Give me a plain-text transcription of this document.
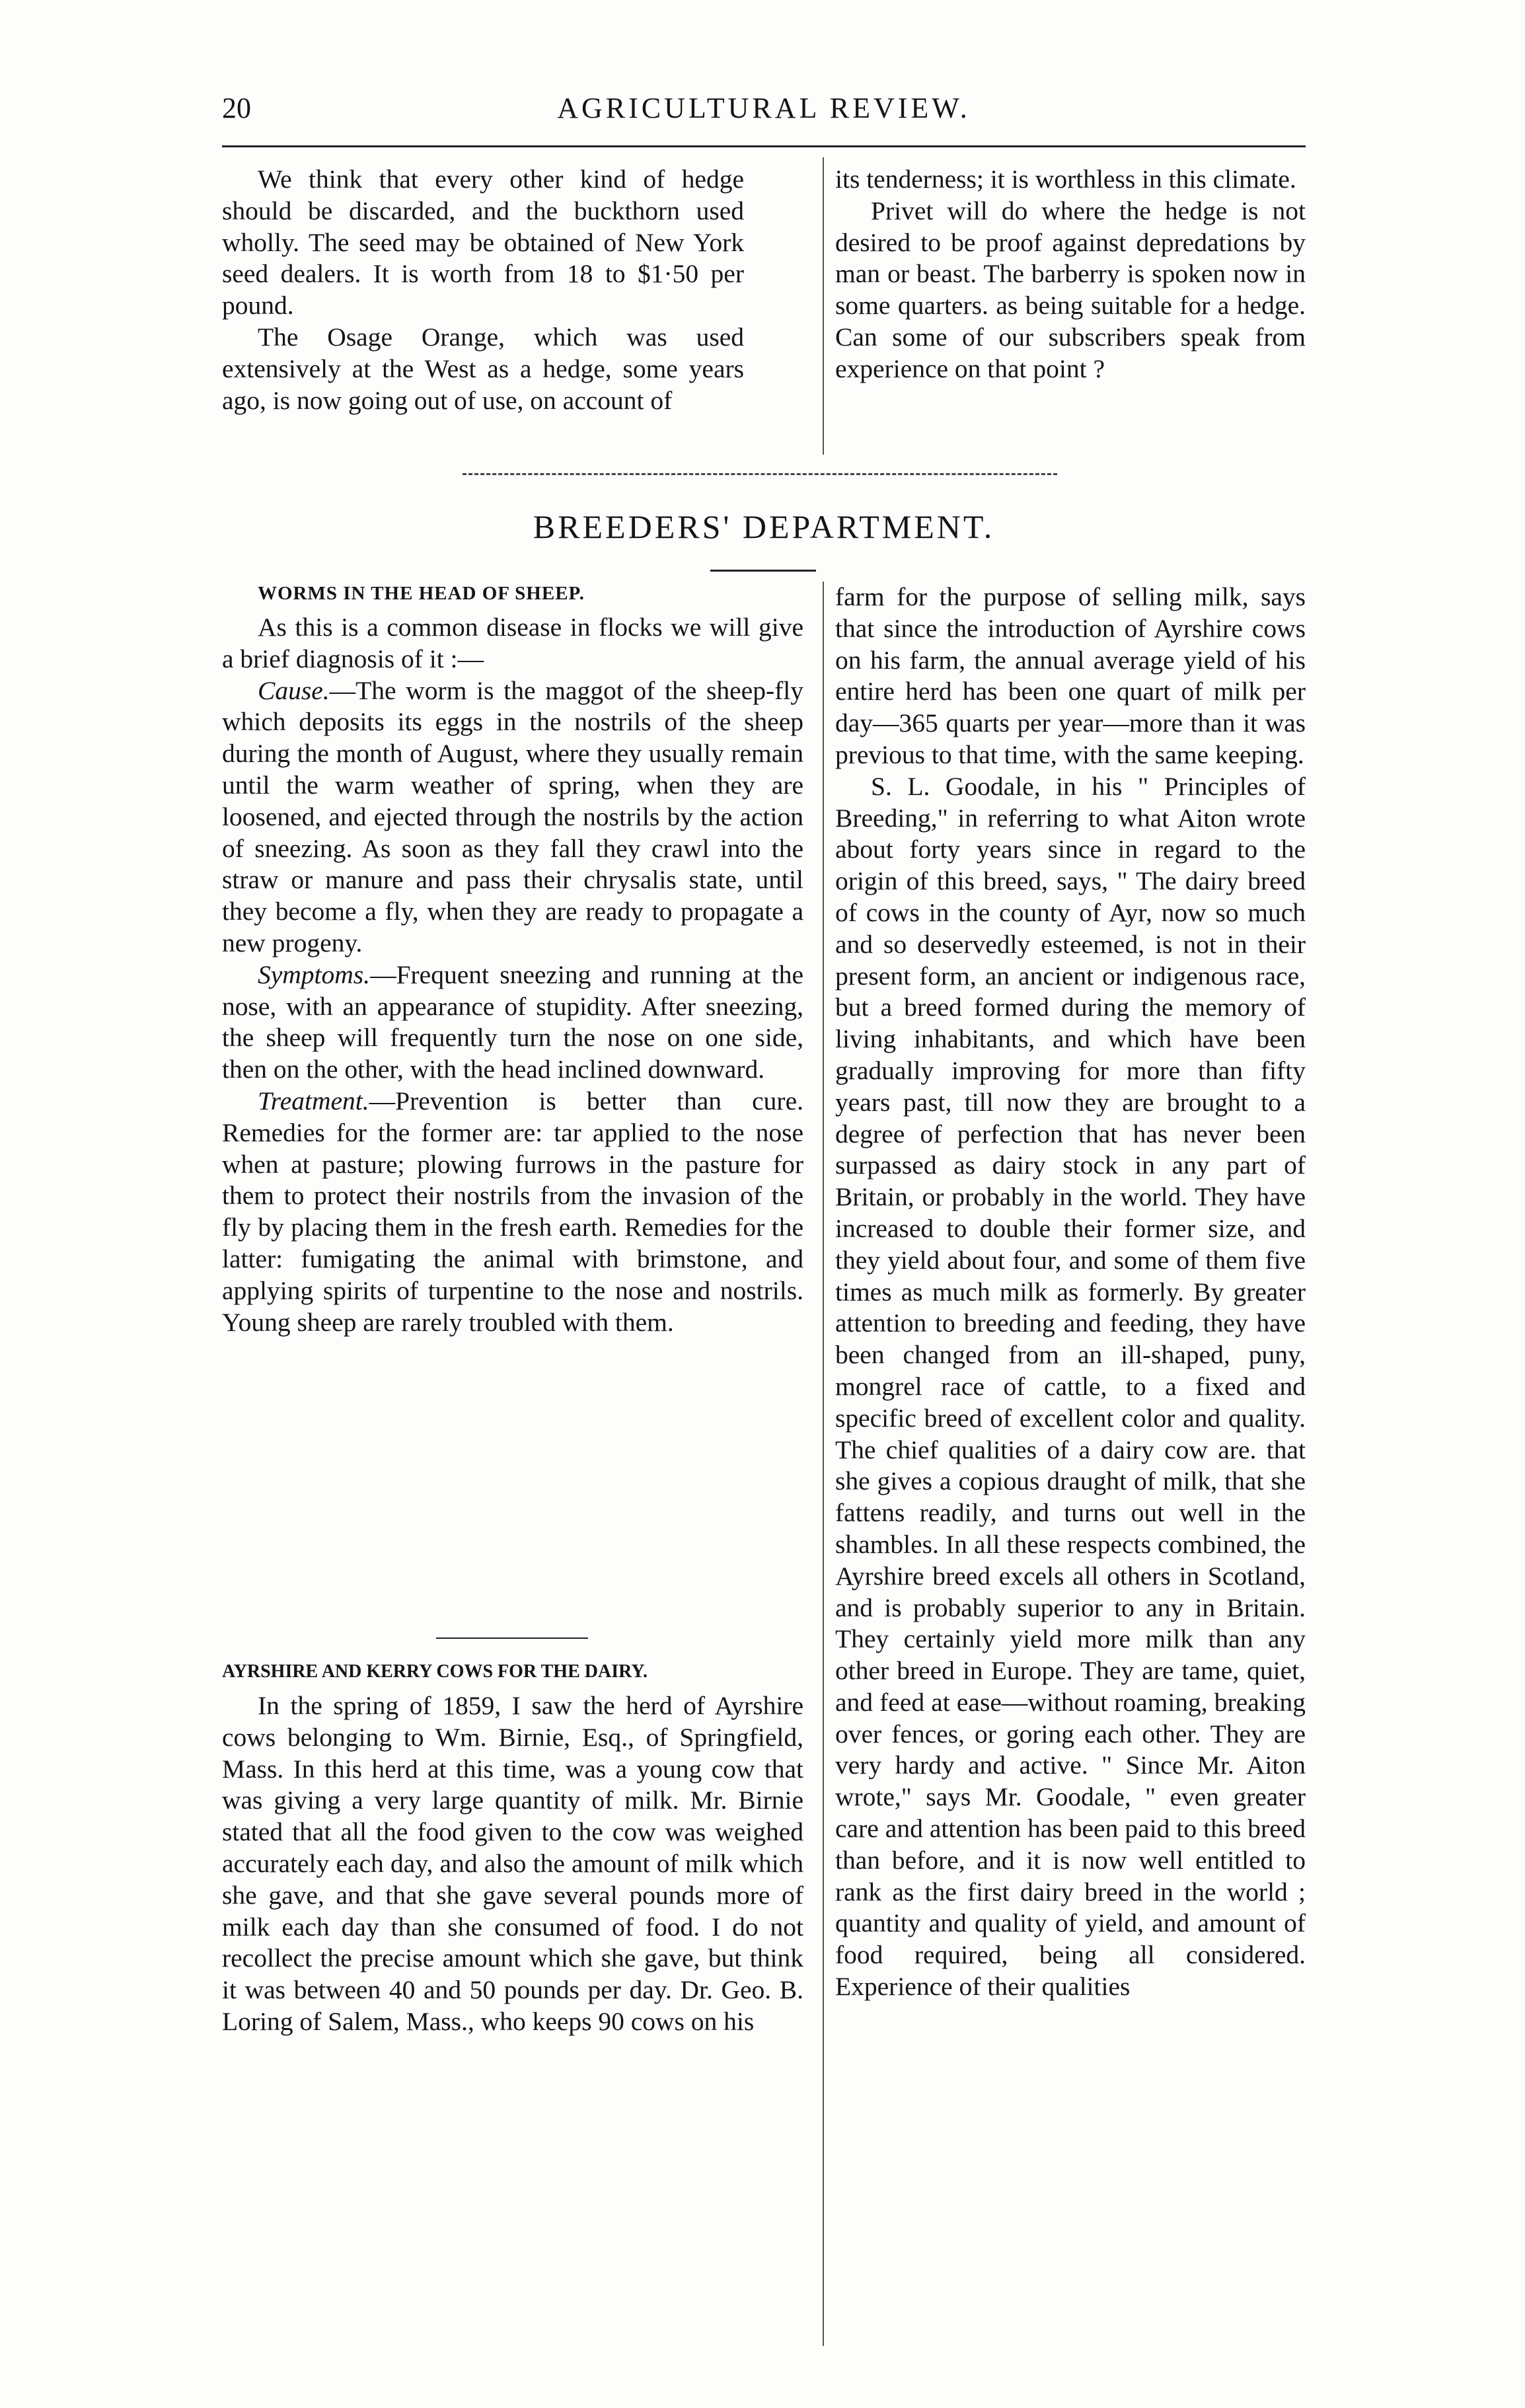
20	AGRICULTURAL REVIEW.

We think that every other kind of hedge should be discarded, and the buckthorn used wholly. The seed may be obtained of New York seed dealers. It is worth from 18 to $1·50 per pound.

The Osage Orange, which was used extensively at the West as a hedge, some years ago, is now going out of use, on account of

its tenderness; it is worthless in this climate.

Privet will do where the hedge is not desired to be proof against depredations by man or beast. The barberry is spoken now in some quarters. as being suitable for a hedge. Can some of our subscribers speak from experience on that point ?

BREEDERS' DEPARTMENT.
WORMS IN THE HEAD OF SHEEP.

As this is a common disease in flocks we will give a brief diagnosis of it :—

Cause.—The worm is the maggot of the sheep-fly which deposits its eggs in the nostrils of the sheep during the month of August, where they usually remain until the warm weather of spring, when they are loosened, and ejected through the nostrils by the action of sneezing. As soon as they fall they crawl into the straw or manure and pass their chrysalis state, until they become a fly, when they are ready to propagate a new progeny.

Symptoms.—Frequent sneezing and running at the nose, with an appearance of stupidity. After sneezing, the sheep will frequently turn the nose on one side, then on the other, with the head inclined downward.

Treatment.—Prevention is better than cure. Remedies for the former are: tar applied to the nose when at pasture; plowing furrows in the pasture for them to protect their nostrils from the invasion of the fly by placing them in the fresh earth. Remedies for the latter: fumigating the animal with brimstone, and applying spirits of turpentine to the nose and nostrils. Young sheep are rarely troubled with them.

AYRSHIRE AND KERRY COWS FOR THE DAIRY.

In the spring of 1859, I saw the herd of Ayrshire cows belonging to Wm. Birnie, Esq., of Springfield, Mass. In this herd at this time, was a young cow that was giving a very large quantity of milk. Mr. Birnie stated that all the food given to the cow was weighed accurately each day, and also the amount of milk which she gave, and that she gave several pounds more of milk each day than she consumed of food. I do not recollect the precise amount which she gave, but think it was between 40 and 50 pounds per day. Dr. Geo. B. Loring of Salem, Mass., who keeps 90 cows on his

farm for the purpose of selling milk, says that since the introduction of Ayrshire cows on his farm, the annual average yield of his entire herd has been one quart of milk per day—365 quarts per year—more than it was previous to that time, with the same keeping.

S. L. Goodale, in his " Principles of Breeding," in referring to what Aiton wrote about forty years since in regard to the origin of this breed, says, " The dairy breed of cows in the county of Ayr, now so much and so deservedly esteemed, is not in their present form, an ancient or indigenous race, but a breed formed during the memory of living inhabitants, and which have been gradually improving for more than fifty years past, till now they are brought to a degree of perfection that has never been surpassed as dairy stock in any part of Britain, or probably in the world. They have increased to double their former size, and they yield about four, and some of them five times as much milk as formerly. By greater attention to breeding and feeding, they have been changed from an ill-shaped, puny, mongrel race of cattle, to a fixed and specific breed of excellent color and quality. The chief qualities of a dairy cow are. that she gives a copious draught of milk, that she fattens readily, and turns out well in the shambles. In all these respects combined, the Ayrshire breed excels all others in Scotland, and is probably superior to any in Britain. They certainly yield more milk than any other breed in Europe. They are tame, quiet, and feed at ease—without roaming, breaking over fences, or goring each other. They are very hardy and active. " Since Mr. Aiton wrote," says Mr. Goodale, " even greater care and attention has been paid to this breed than before, and it is now well entitled to rank as the first dairy breed in the world ; quantity and quality of yield, and amount of food required, being all considered. Experience of their qualities
